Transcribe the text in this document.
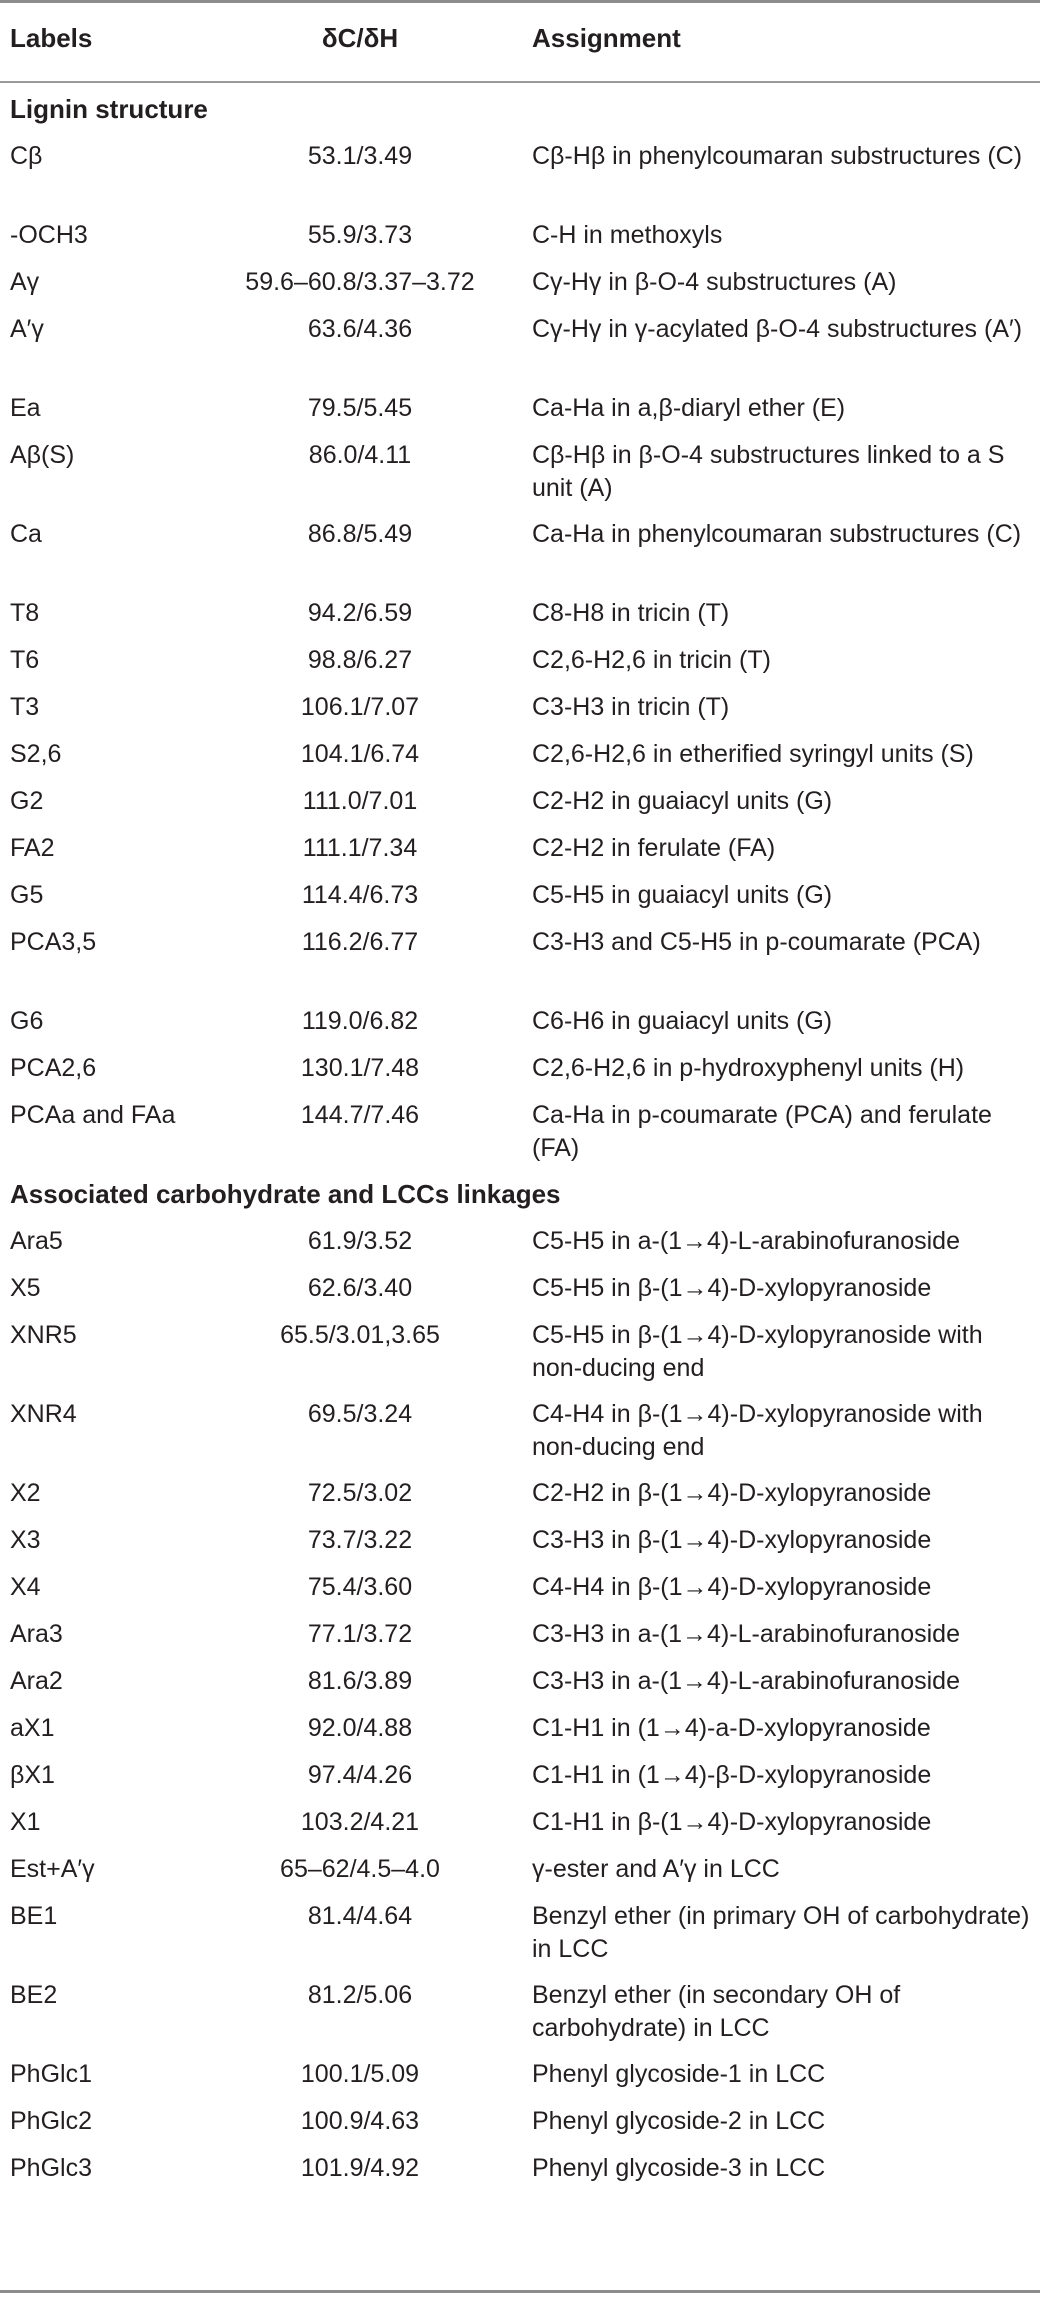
Labels	δC/δH	Assignment
Lignin structure
Cβ	53.1/3.49	Cβ-Hβ in phenylcoumaran substructures (C)
-OCH3	55.9/3.73	C-H in methoxyls
Aγ	59.6–60.8/3.37–3.72 Cγ-Hγ in β-O-4 substructures (A)
A′γ	63.6/4.36	Cγ-Hγ in γ-acylated β-O-4 substructures (A′)
Ea	79.5/5.45	Ca-Ha in a,β-diaryl ether (E)
Aβ(S)	86.0/4.11	Cβ-Hβ in β-O-4 substructures linked to a S unit (A)
Ca	86.8/5.49	Ca-Ha in phenylcoumaran substructures (C)
T8	94.2/6.59	C8-H8 in tricin (T)
T6	98.8/6.27	C2,6-H2,6 in tricin (T)
T3	106.1/7.07	C3-H3 in tricin (T)
S2,6	104.1/6.74	C2,6-H2,6 in etherified syringyl units (S)
G2	111.0/7.01	C2-H2 in guaiacyl units (G)
FA2	111.1/7.34	C2-H2 in ferulate (FA)
G5	114.4/6.73	C5-H5 in guaiacyl units (G)
PCA3,5	116.2/6.77	C3-H3 and C5-H5 in p-coumarate (PCA)
G6	119.0/6.82	C6-H6 in guaiacyl units (G)
PCA2,6	130.1/7.48	C2,6-H2,6 in p-hydroxyphenyl units (H)
PCAa and FAa	144.7/7.46	Ca-Ha in p-coumarate (PCA) and ferulate (FA)
Associated carbohydrate and LCCs linkages
Ara5	61.9/3.52	C5-H5 in a-(1→4)-L-arabinofuranoside
X5	62.6/3.40	C5-H5 in β-(1→4)-D-xylopyranoside
XNR5	65.5/3.01,3.65	C5-H5 in β-(1→4)-D-xylopyranoside with non-ducing end
XNR4	69.5/3.24	C4-H4 in β-(1→4)-D-xylopyranoside with non-ducing end
X2	72.5/3.02	C2-H2 in β-(1→4)-D-xylopyranoside
X3	73.7/3.22	C3-H3 in β-(1→4)-D-xylopyranoside
X4	75.4/3.60	C4-H4 in β-(1→4)-D-xylopyranoside
Ara3	77.1/3.72	C3-H3 in a-(1→4)-L-arabinofuranoside
Ara2	81.6/3.89	C3-H3 in a-(1→4)-L-arabinofuranoside
aX1	92.0/4.88	C1-H1 in (1→4)-a-D-xylopyranoside
βX1	97.4/4.26	C1-H1 in (1→4)-β-D-xylopyranoside
X1	103.2/4.21	C1-H1 in β-(1→4)-D-xylopyranoside
Est+A′γ	65–62/4.5–4.0	γ-ester and A′γ in LCC
BE1	81.4/4.64	Benzyl ether (in primary OH of carbohydrate) in LCC
BE2	81.2/5.06	Benzyl ether (in secondary OH of carbohydrate) in LCC
PhGlc1	100.1/5.09	Phenyl glycoside-1 in LCC
PhGlc2	100.9/4.63	Phenyl glycoside-2 in LCC
PhGlc3	101.9/4.92	Phenyl glycoside-3 in LCC
